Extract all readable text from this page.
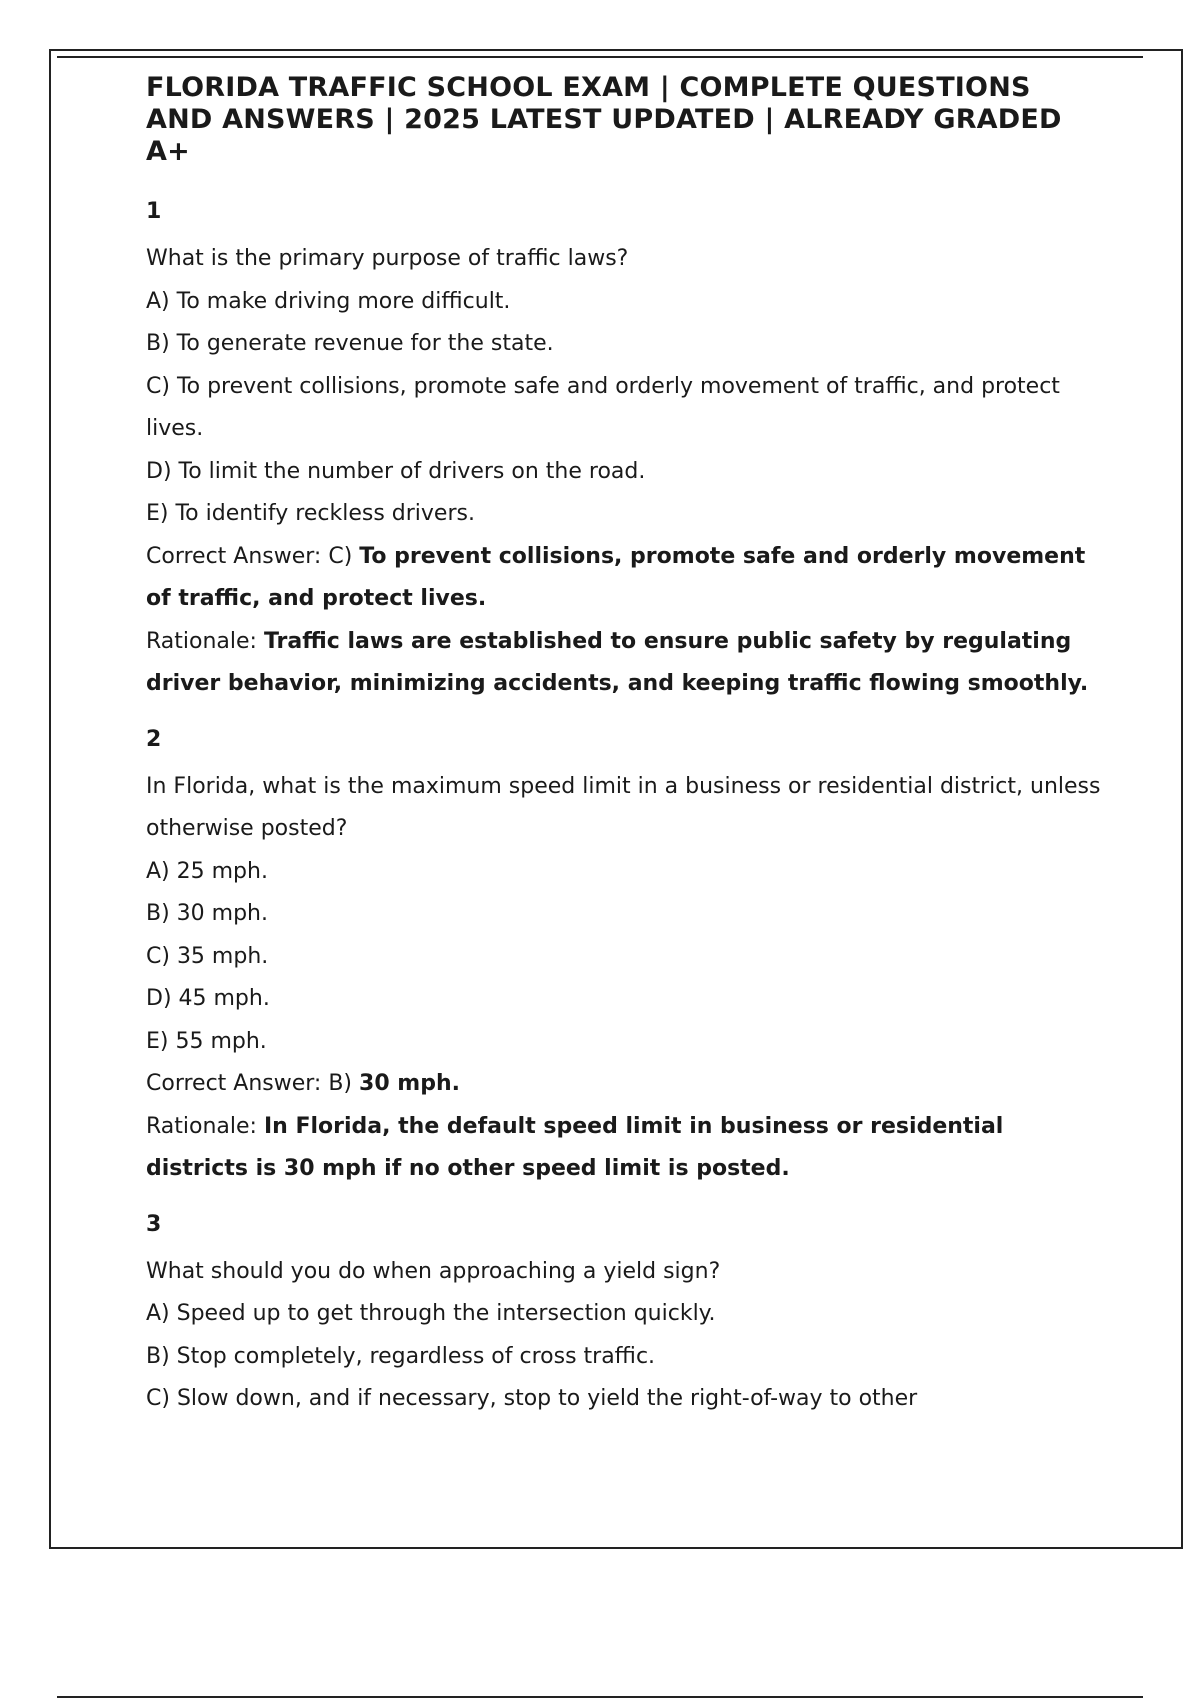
FLORIDA TRAFFIC SCHOOL EXAM | COMPLETE QUESTIONS AND ANSWERS | 2025 LATEST UPDATED | ALREADY GRADED A+
1

What is the primary purpose of traffic laws?

A) To make driving more difficult.

B) To generate revenue for the state.

C) To prevent collisions, promote safe and orderly movement of traffic, and protect lives.

D) To limit the number of drivers on the road.

E) To identify reckless drivers.

Correct Answer: C) To prevent collisions, promote safe and orderly movement of traffic, and protect lives.

Rationale: Traffic laws are established to ensure public safety by regulating driver behavior, minimizing accidents, and keeping traffic flowing smoothly.

2

In Florida, what is the maximum speed limit in a business or residential district, unless otherwise posted?

A) 25 mph.

B) 30 mph.

C) 35 mph.

D) 45 mph.

E) 55 mph.

Correct Answer: B) 30 mph.

Rationale: In Florida, the default speed limit in business or residential districts is 30 mph if no other speed limit is posted.

3

What should you do when approaching a yield sign?

A) Speed up to get through the intersection quickly.

B) Stop completely, regardless of cross traffic.

C) Slow down, and if necessary, stop to yield the right-of-way to other
